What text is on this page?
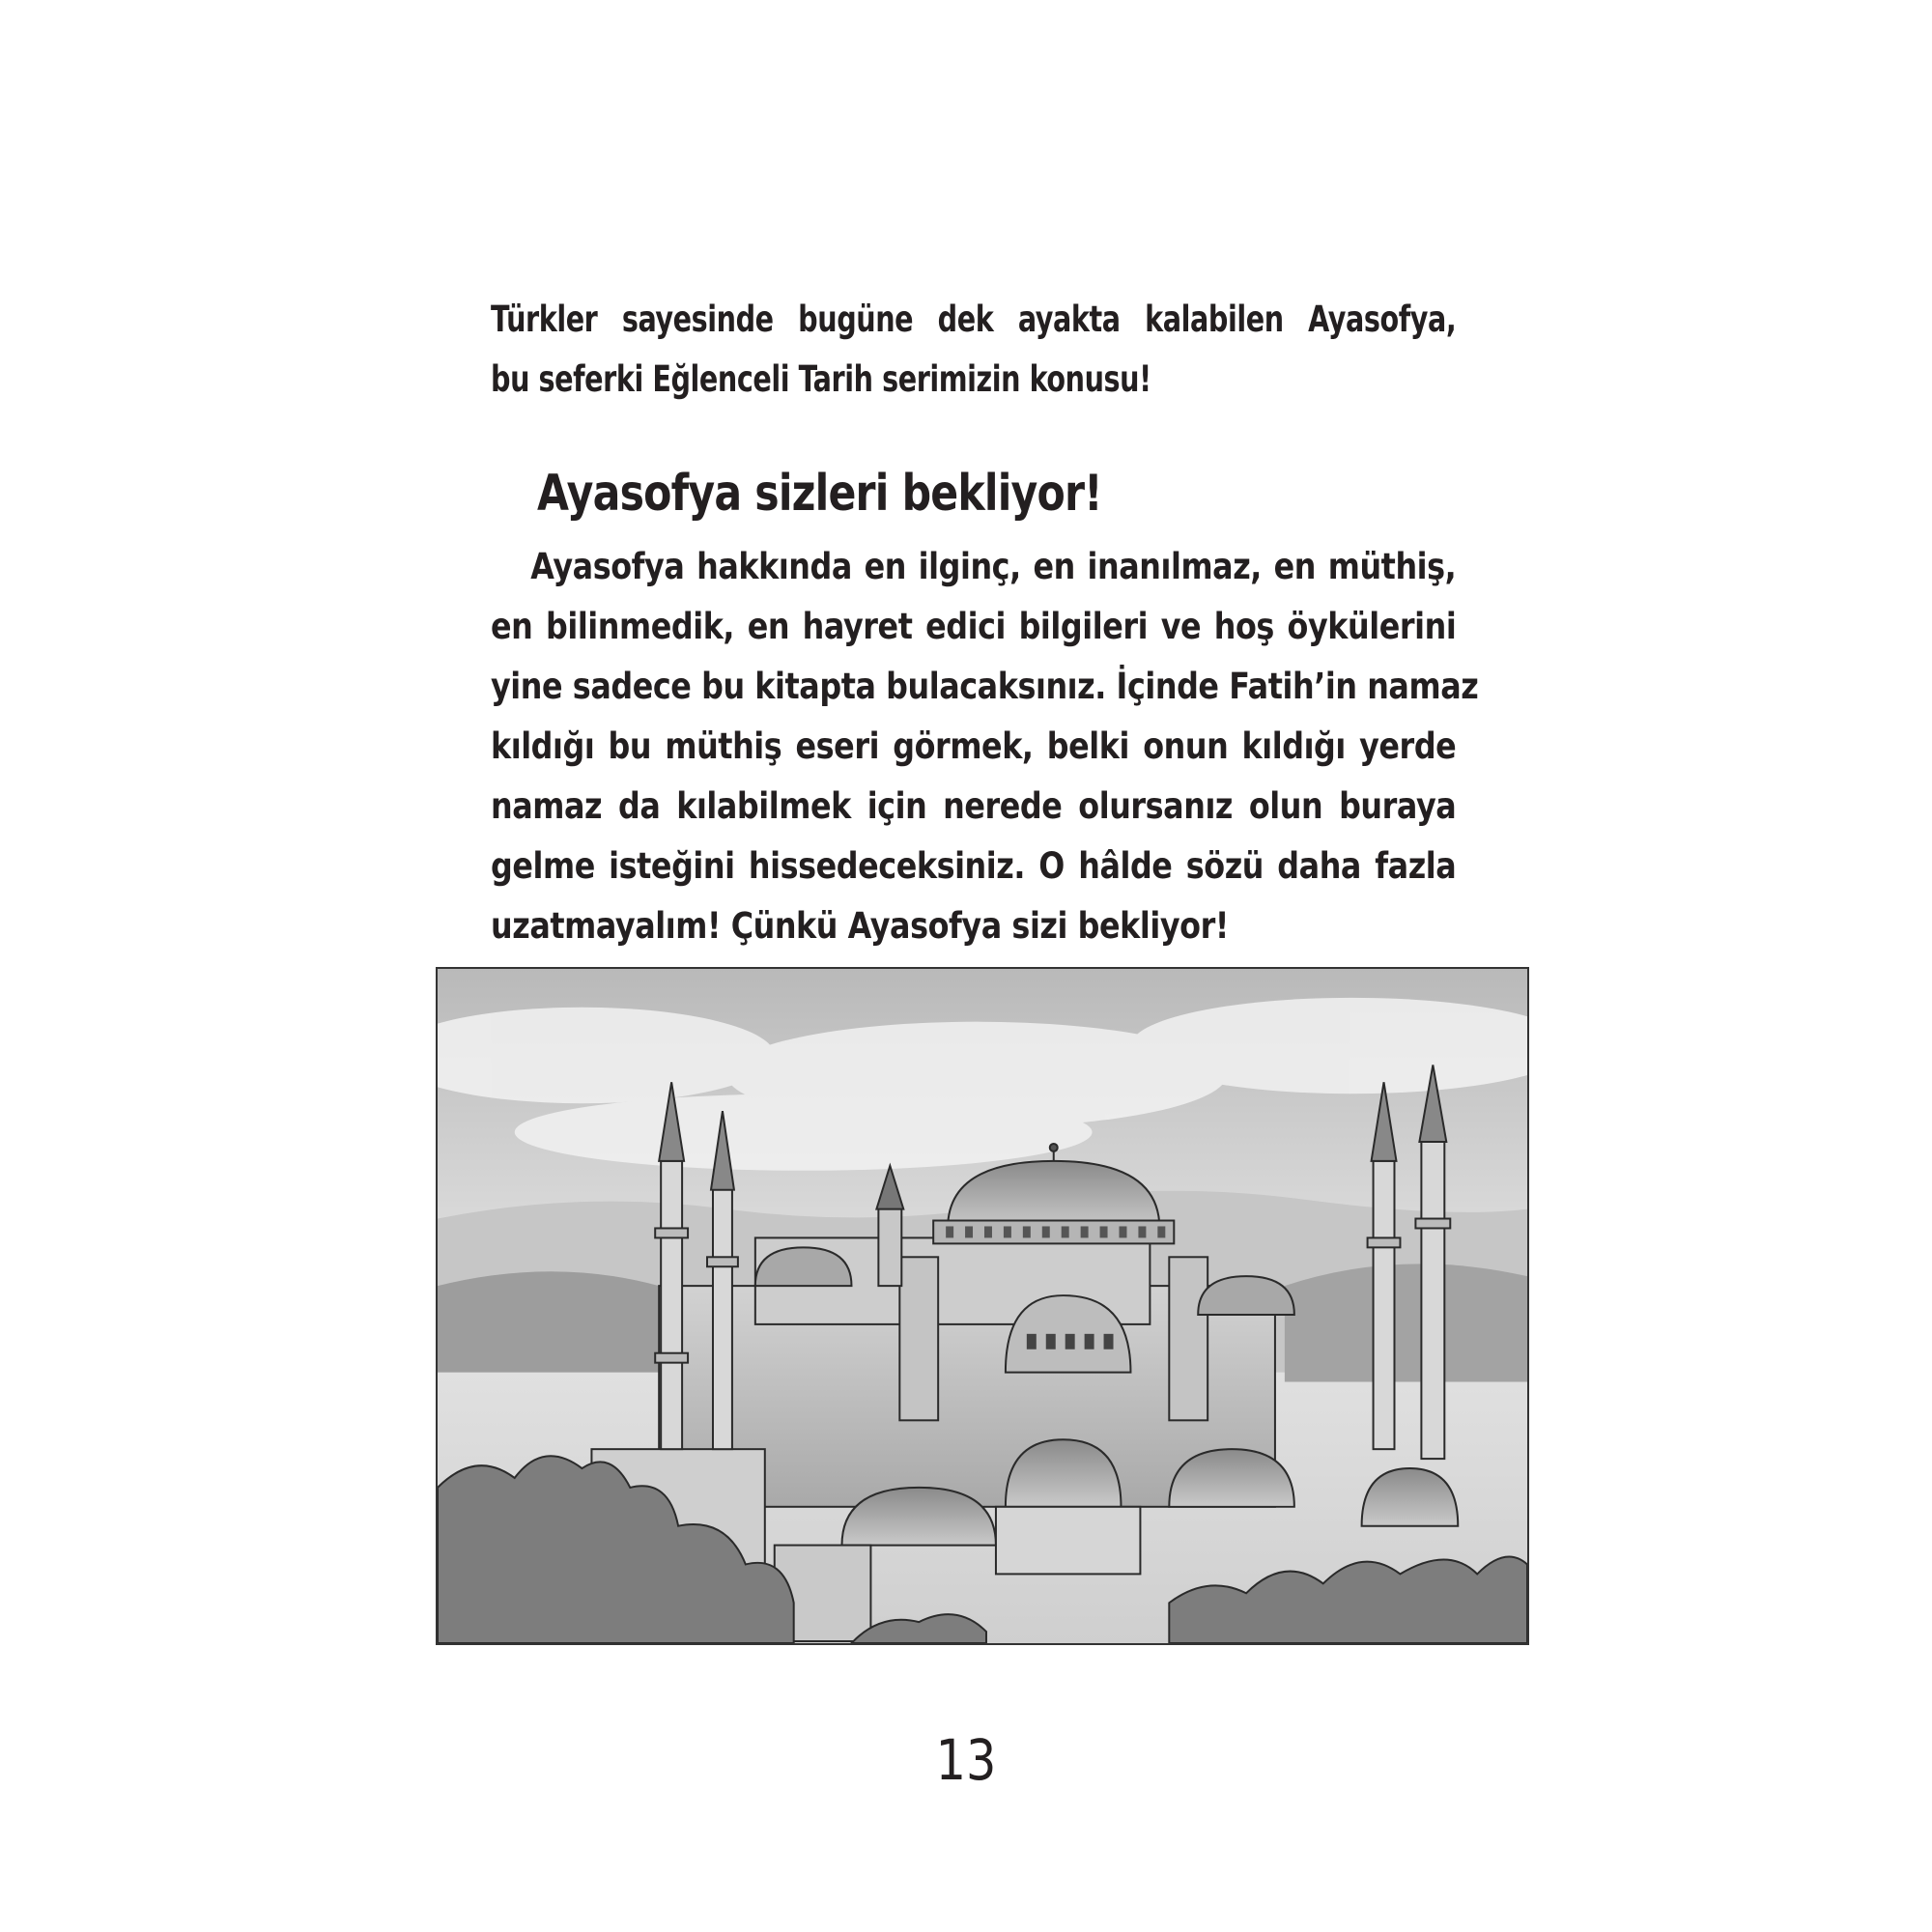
Türkler sayesinde bugüne dek ayakta kalabilen Ayasofya,
bu seferki Eğlenceli Tarih serimizin konusu!
Ayasofya sizleri bekliyor!
Ayasofya hakkında en ilginç, en inanılmaz, en müthiş,
en bilinmedik, en hayret edici bilgileri ve hoş öykülerini
yine sadece bu kitapta bulacaksınız. İçinde Fatih’in namaz
kıldığı bu müthiş eseri görmek, belki onun kıldığı yerde
namaz da kılabilmek için nerede olursanız olun buraya
gelme isteğini hissedeceksiniz. O hâlde sözü daha fazla
uzatmayalım! Çünkü Ayasofya sizi bekliyor!
13
